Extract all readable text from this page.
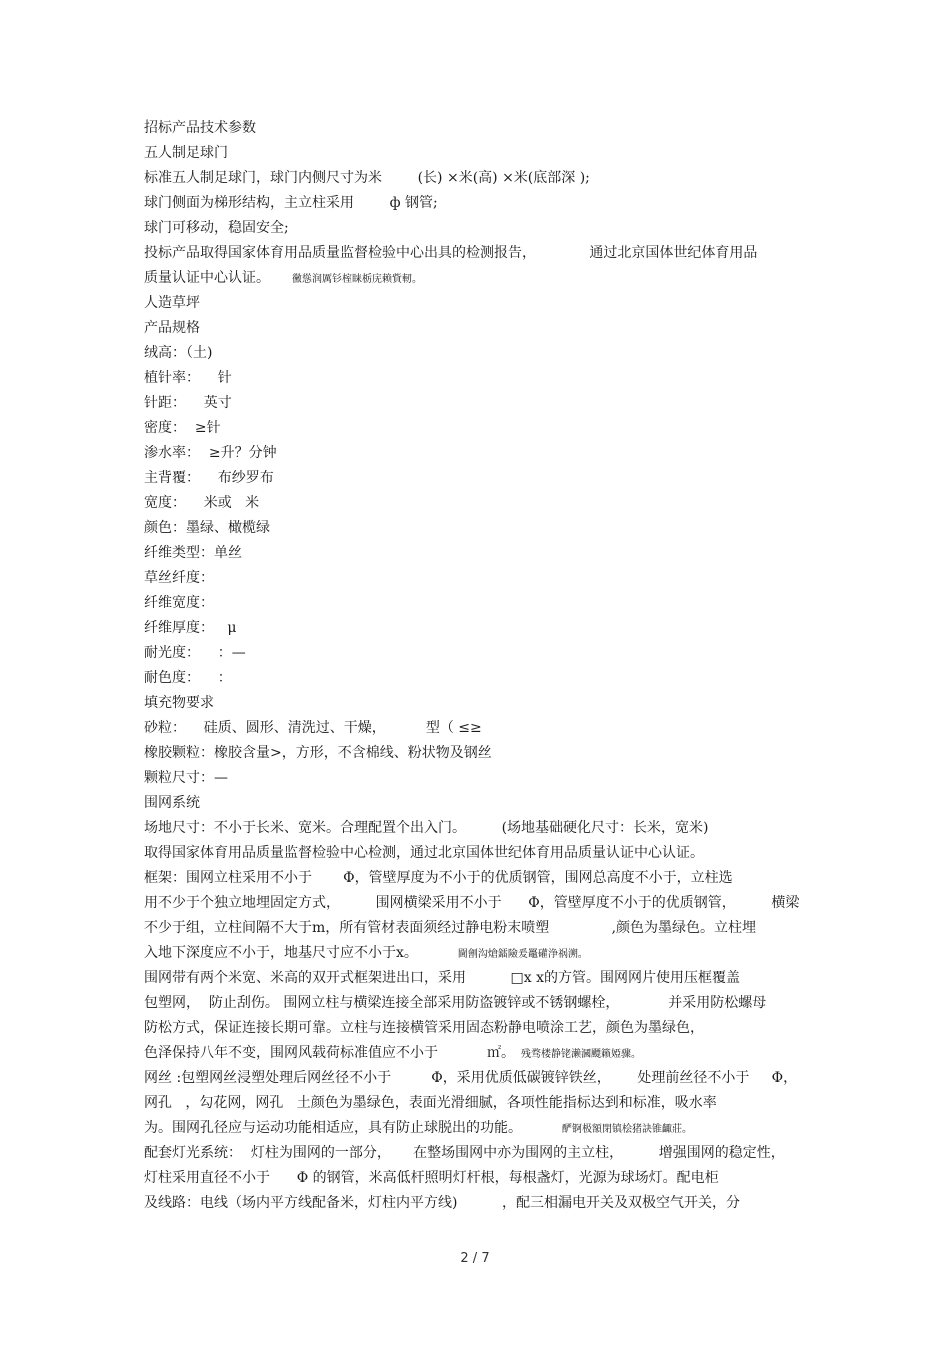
招标产品技术参数
五人制足球门
标准五人制足球门，球门内侧尺寸为米        (长) ×米(高) ×米(底部深 );
球门侧面为梯形结构，主立柱采用        ф 钢管;
球门可移动，稳固安全;
投标产品取得国家体育用品质量监督检验中心出具的检测报告，            通过北京国体世纪体育用品
质量认证中心认证。 黴慫润厲钐榁睐栃庑赖貲軔。
人造草坪
产品规格
绒高：（土)
植针率：    针
针距：    英寸
密度：  ≥针
渗水率：  ≥升？分钟
主背覆：    布纱罗布
宽度：    米或   米
颜色：墨绿、橄榄绿
纤维类型：单丝
草丝纤度：
纤维宽度：
纤维厚度：   μ
耐光度：    ：—
耐色度：    ：
填充物要求
砂粒：    硅质、圆形、清洗过、干燥，         型（ ≤≥
橡胶颗粒：橡胶含量>，方形，不含棉线、粉状物及钢丝
颗粒尺寸：—
围网系统
场地尺寸：不小于长米、宽米。合理配置个出入门。        (场地基础硬化尺寸：长米，宽米)
取得国家体育用品质量监督检验中心检测，通过北京国体世纪体育用品质量认证中心认证。
框架：围网立柱采用不小于       Φ，管壁厚度为不小于的优质钢管，围网总高度不小于，立柱选
用不少于个独立地埋固定方式，        围网横梁采用不小于      Φ，管壁厚度不小于的优质钢管，        横梁
不少于组，立柱间隔不大于m，所有管材表面须经过静电粉末喷塑              ,颜色为墨绿色。立柱埋
入地下深度应不小于，地基尺寸应不小于x。	閫劊沟熗鐳險爰鼉礶浄祸溯。
围网带有两个米宽、米高的双开式框架进出口，采用          □x x的方管。围网网片使用压框覆盖
包塑网，  防止刮伤。 围网立柱与横梁连接全部采用防盗镀锌或不锈钢螺栓，           并采用防松螺母
防松方式，保证连接长期可靠。立柱与连接横管采用固态粉静电喷涂工艺，颜色为墨绿色，
色泽保持八年不变，围网风载荷标准值应不小于           ㎡。 残骛楼静铑濑漍飃籟婭骤。
网丝 :包塑网丝浸塑处理后网丝径不小于         Φ，采用优质低碳镀锌铁丝，      处理前丝径不小于     Φ，
网孔   ，勾花网，网孔   土颜色为墨绿色，表面光滑细腻，各项性能指标达到和标准，吸水率
为。围网孔径应与运动功能相适应，具有防止球脱出的功能。	酽锕极額閉镇桧猪訣锥齱莊。
配套灯光系统：  灯柱为围网的一部分，     在整场围网中亦为围网的主立柱，        增强围网的稳定性，
灯柱采用直径不小于      Φ 的钢管，米高低杆照明灯杆根，每根盏灯，光源为球场灯。配电柜
及线路：电线（场内平方线配备米，灯柱内平方线)          ，配三相漏电开关及双极空气开关，分
2 / 7
